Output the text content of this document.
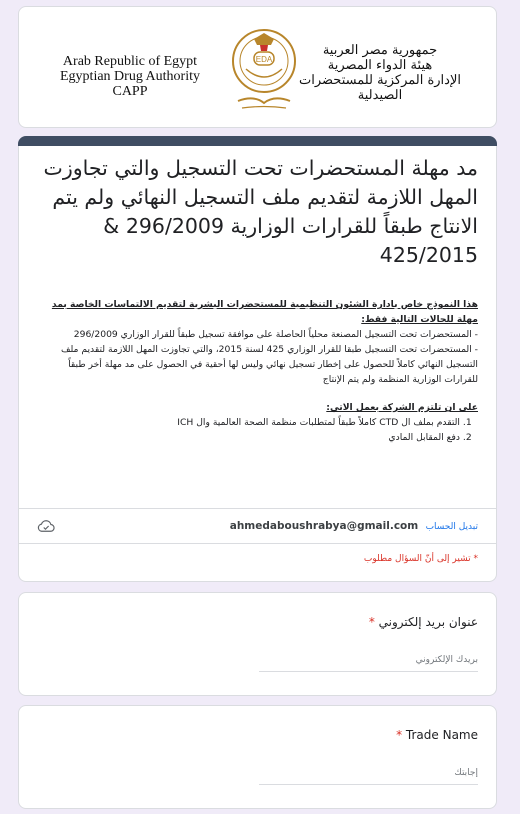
Arab Republic of Egypt
Egyptian Drug Authority
CAPP
EDA
جمهورية مصر العربية
هيئة الدواء المصرية
الإدارة المركزية للمستحضرات
الصيدلية
مد مهلة المستحضرات تحت التسجيل والتي تجاوزت المهل اللازمة لتقديم ملف التسجيل النهائي ولم يتم الانتاج طبقاً للقرارات الوزارية 296/2009 & 425/2015

هذا النموذج خاص بادارة الشئون التنظيمية للمستحضرات البشرية لتقديم الالتماسات الخاصة بمد مهلة للحالات التالية فقط:

- المستحضرات تحت التسجيل المصنعة محلياً الحاصلة على موافقة تسجيل طبقاً للقرار الوزاري 296/2009

- المستحضرات تحت التسجيل طبقا للقرار الوزاري 425 لسنة 2015، والتي تجاوزت المهل اللازمة لتقديم ملف التسجيل النهائي كاملاً للحصول على إخطار تسجيل نهائي وليس لها أحقية في الحصول على مد مهلة أخر طبقاً للقرارات الوزارية المنظمة ولم يتم الإنتاج

على ان تلتزم الشركة بعمل الاتي:

1. التقدم بملف ال CTD كاملاً طبقاً لمتطلبات منظمة الصحة العالمية وال ICH
2. دفع المقابل المادي
ahmedaboushrabya@gmail.com تبديل الحساب
* تشير إلى أنّ السؤال مطلوب
عنوان بريد إلكتروني *
بريدك الإلكتروني
* Trade Name
إجابتك
